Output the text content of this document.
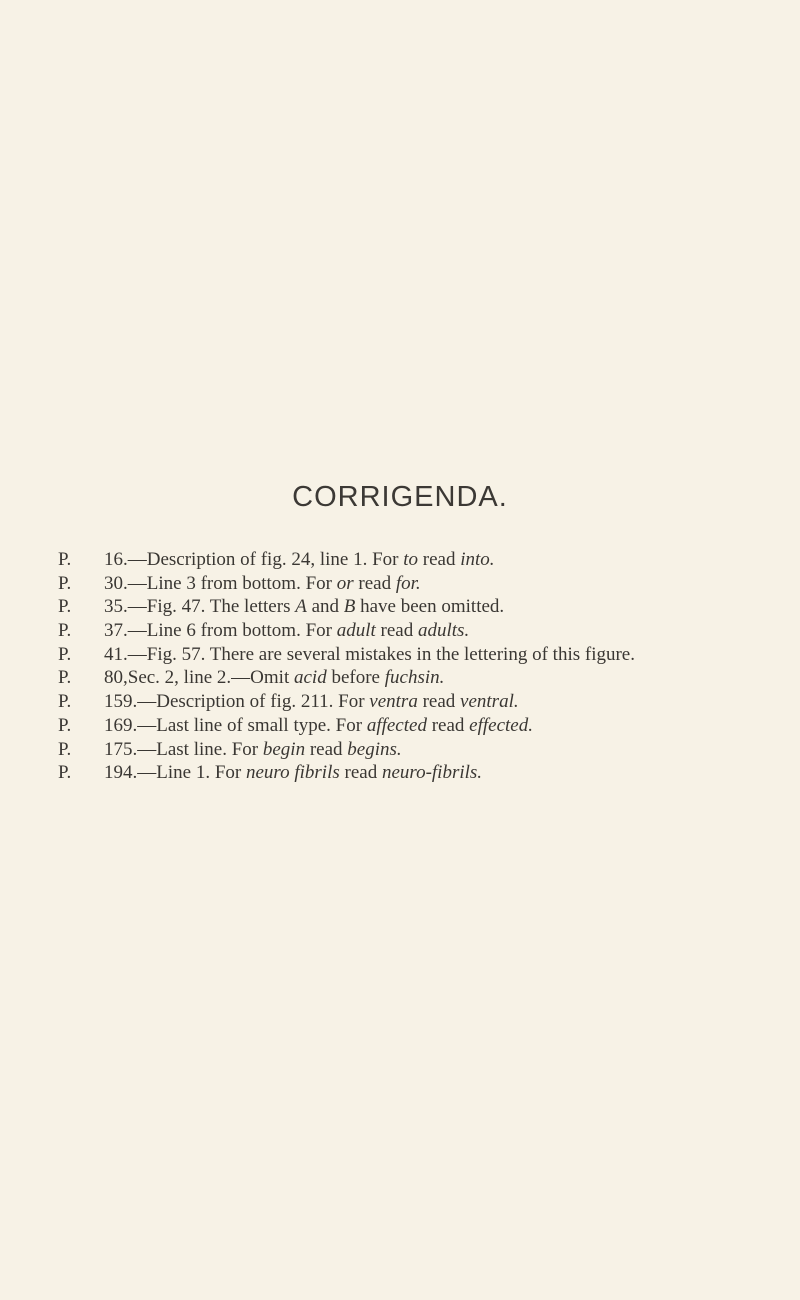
CORRIGENDA.
P. 16.—Description of fig. 24, line 1. For to read into.
P. 30.—Line 3 from bottom. For or read for.
P. 35.—Fig. 47. The letters A and B have been omitted.
P. 37.—Line 6 from bottom. For adult read adults.
P. 41.—Fig. 57. There are several mistakes in the lettering of this figure.
P. 80,Sec. 2, line 2.—Omit acid before fuchsin.
P. 159.—Description of fig. 211. For ventra read ventral.
P. 169.—Last line of small type. For affected read effected.
P. 175.—Last line. For begin read begins.
P. 194.—Line 1. For neuro fibrils read neuro-fibrils.
